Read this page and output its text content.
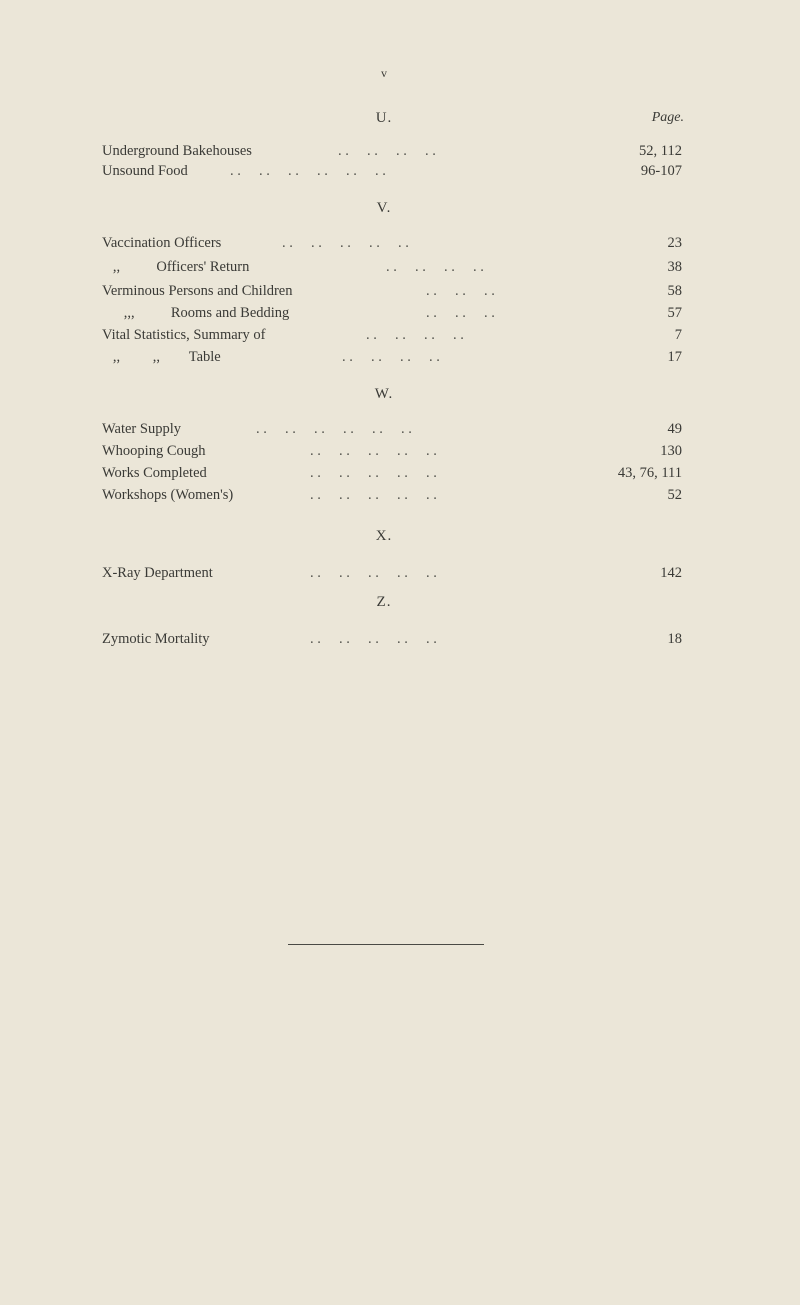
v
U.	Page.
Underground Bakehouses	. .     . .     . .     . .	52, 112
Unsound Food	. .     . .     . .     . .     . .     . .	96-107
V.
Vaccination Officers	. .     . .     . .     . .     . .	23
,,          Officers' Return	. .     . .     . .     . .	38
Verminous Persons and Children	. .     . .     . .	58
,,,          Rooms and Bedding	. .     . .     . .	57
Vital Statistics, Summary of	. .     . .     . .     . .	7
,,         ,,        Table	. .     . .     . .     . .	17
W.
Water Supply	. .     . .     . .     . .     . .     . .	49
Whooping Cough	. .     . .     . .     . .     . .	130
Works Completed	. .     . .     . .     . .     . .	43, 76, 111
Workshops (Women's)	. .     . .     . .     . .     . .	52
X.
X-Ray Department	. .     . .     . .     . .     . .	142
Z.
Zymotic Mortality	. .     . .     . .     . .     . .	18
